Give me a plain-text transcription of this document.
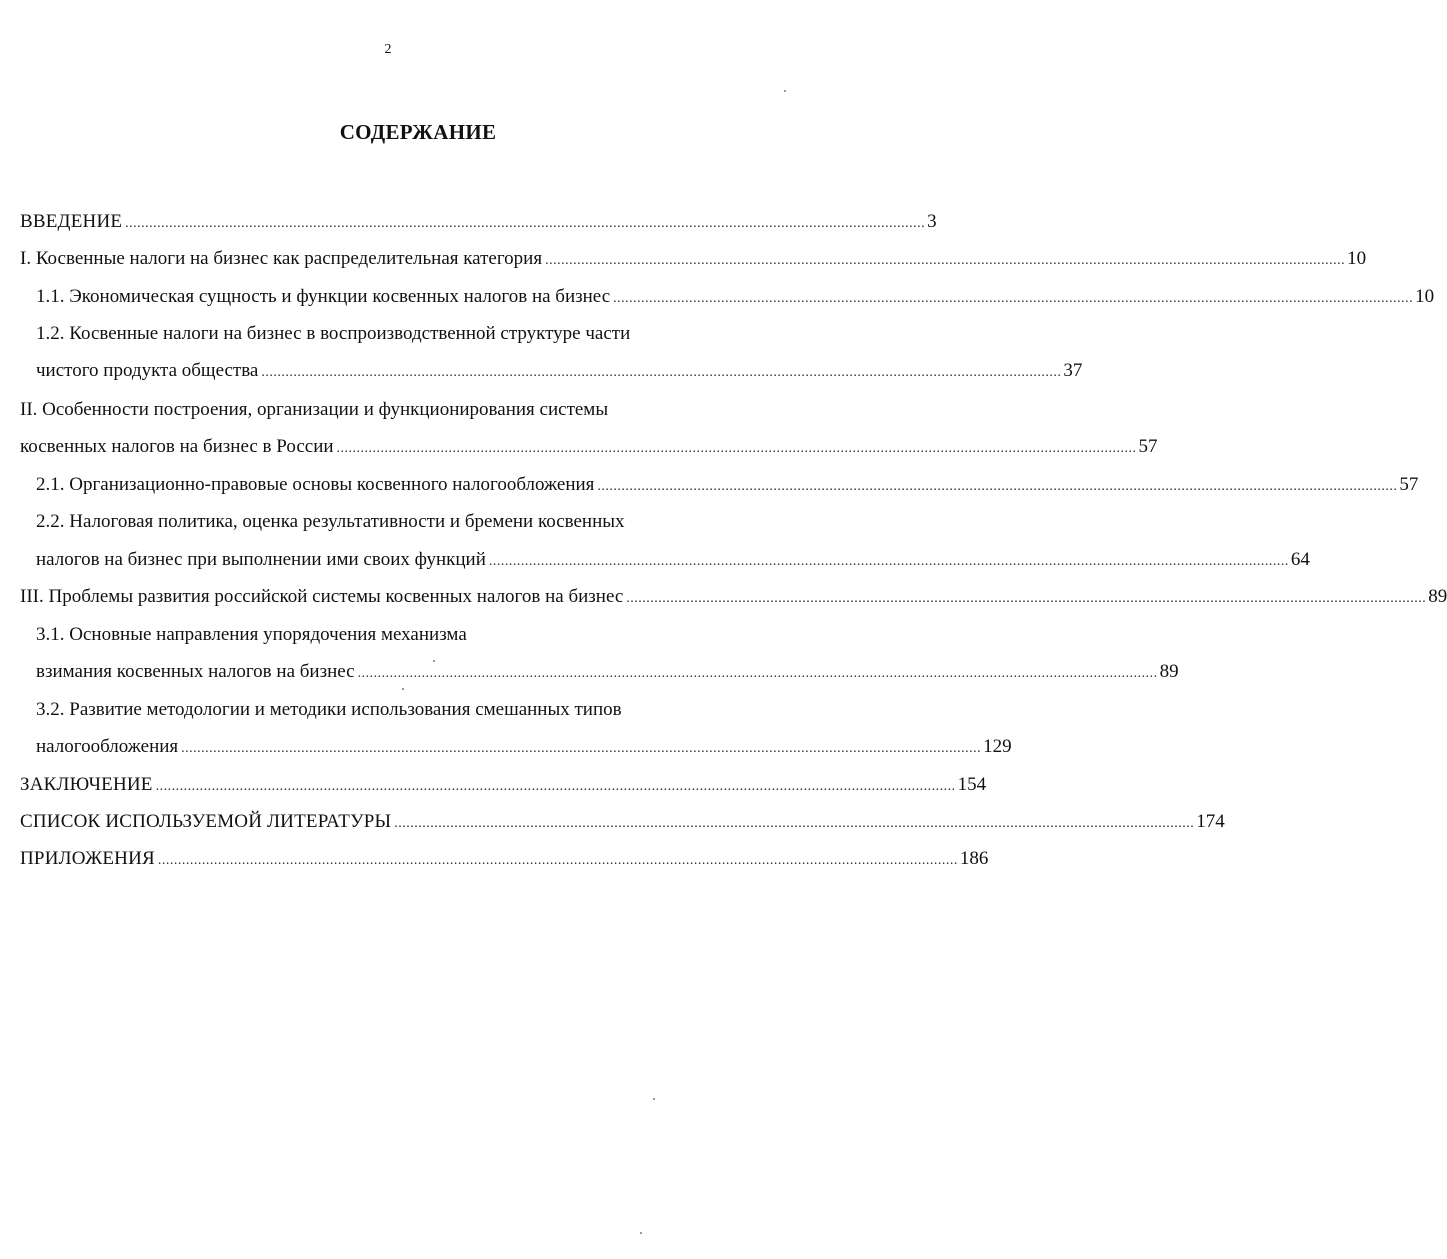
2
СОДЕРЖАНИЕ
ВВЕДЕНИЕ ........................................................................................................................................................................................................ 3
I. Косвенные налоги на бизнес как распределительная категория ........................................................................................................................................................................................................ 10
1.1. Экономическая сущность и функции косвенных налогов на бизнес ........................................................................................................................................................................................................ 10
1.2. Косвенные налоги на бизнес в воспроизводственной структуре части
чистого продукта общества ........................................................................................................................................................................................................ 37
II. Особенности построения, организации и функционирования системы
косвенных налогов на бизнес в России ........................................................................................................................................................................................................ 57
2.1. Организационно-правовые основы косвенного налогообложения ........................................................................................................................................................................................................ 57
2.2. Налоговая политика, оценка результативности и бремени косвенных
налогов на бизнес при выполнении ими своих функций ........................................................................................................................................................................................................ 64
III. Проблемы развития российской системы косвенных налогов на бизнес ........................................................................................................................................................................................................ 89
3.1. Основные направления упорядочения механизма
взимания косвенных налогов на бизнес ........................................................................................................................................................................................................ 89
3.2. Развитие методологии и методики использования смешанных типов
налогообложения ........................................................................................................................................................................................................ 129
ЗАКЛЮЧЕНИЕ ........................................................................................................................................................................................................ 154
СПИСОК ИСПОЛЬЗУЕМОЙ ЛИТЕРАТУРЫ ........................................................................................................................................................................................................ 174
ПРИЛОЖЕНИЯ ........................................................................................................................................................................................................ 186
